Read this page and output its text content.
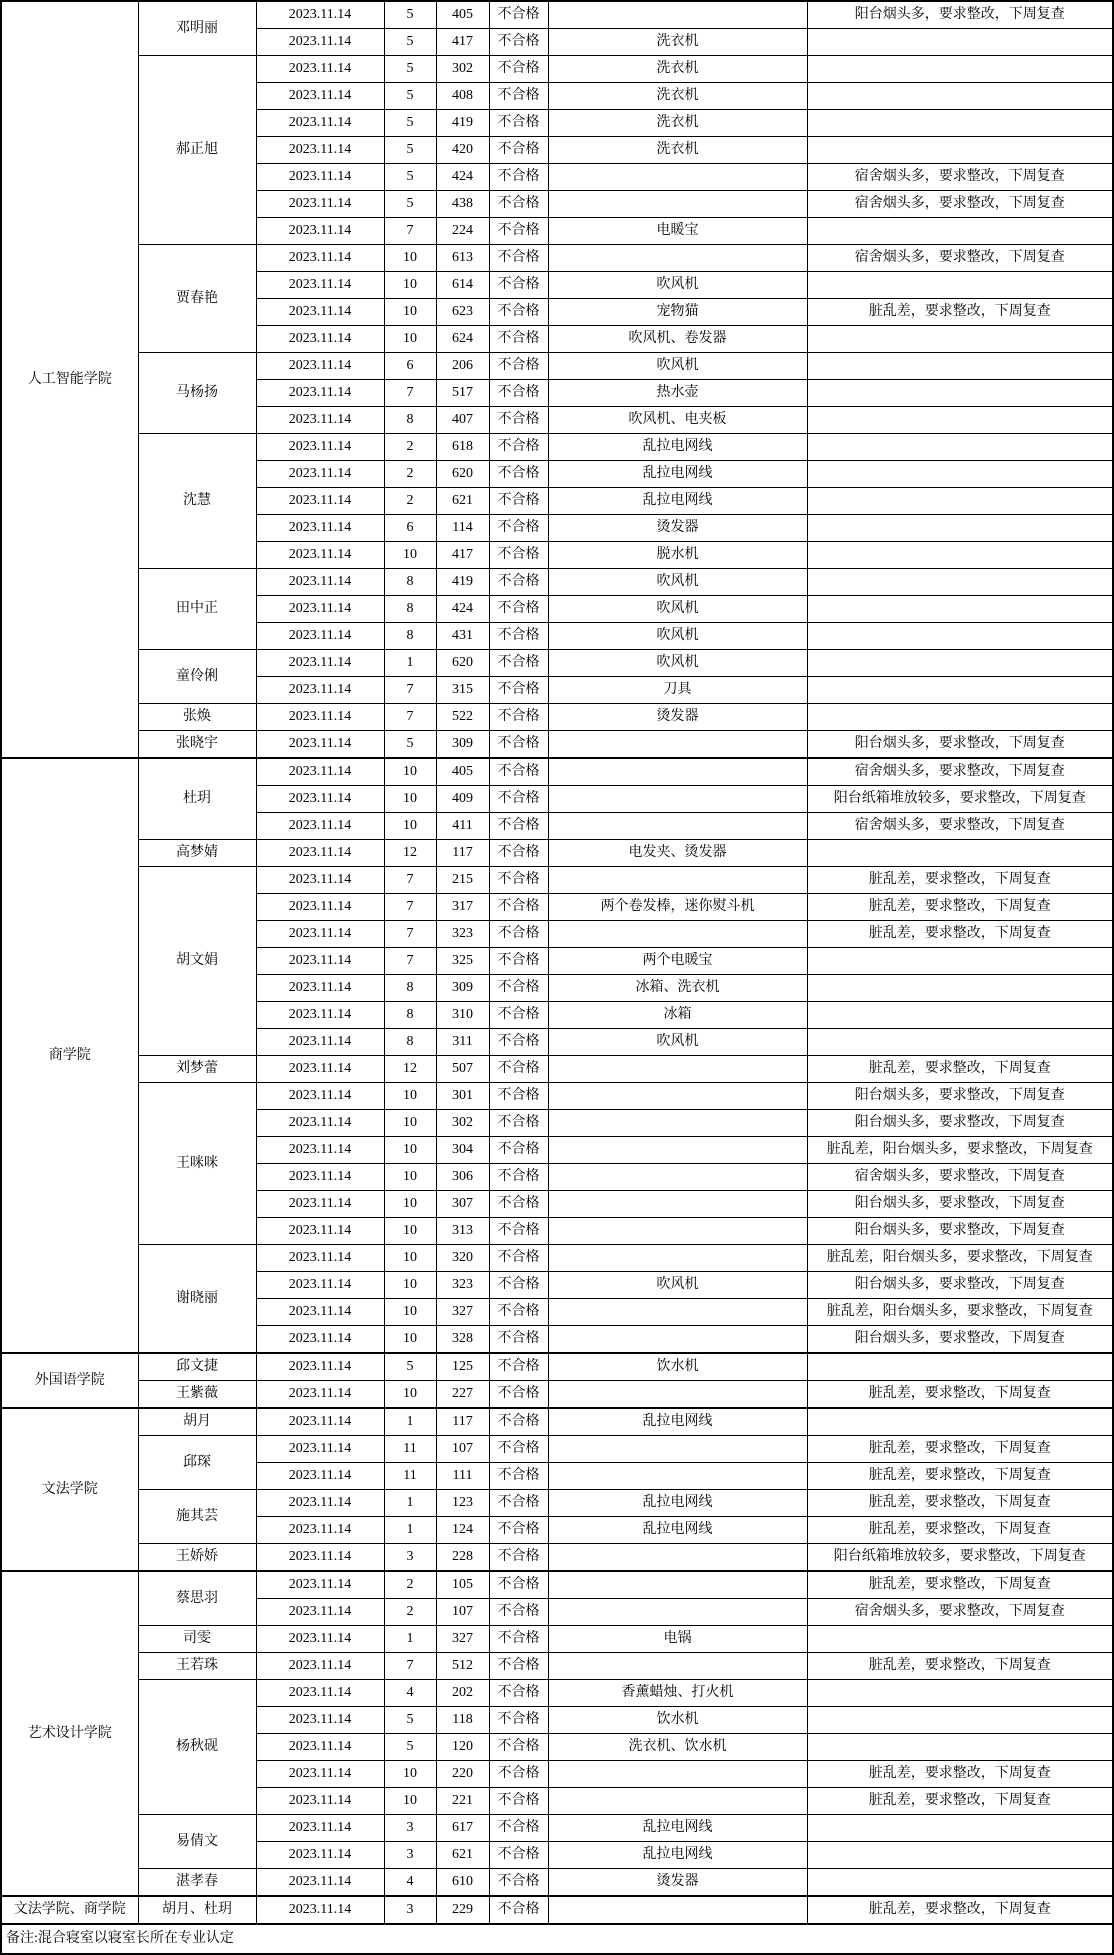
人工智能学院	邓明丽	2023.11.14	5	405	不合格		阳台烟头多，要求整改，下周复查
		2023.11.14	5	417	不合格	洗衣机	
	郝正旭	2023.11.14	5	302	不合格	洗衣机	
		2023.11.14	5	408	不合格	洗衣机	
		2023.11.14	5	419	不合格	洗衣机	
		2023.11.14	5	420	不合格	洗衣机	
		2023.11.14	5	424	不合格		宿舍烟头多，要求整改，下周复查
		2023.11.14	5	438	不合格		宿舍烟头多，要求整改，下周复查
		2023.11.14	7	224	不合格	电暖宝	
	贾春艳	2023.11.14	10	613	不合格		宿舍烟头多，要求整改，下周复查
		2023.11.14	10	614	不合格	吹风机	
		2023.11.14	10	623	不合格	宠物猫	脏乱差，要求整改，下周复查
		2023.11.14	10	624	不合格	吹风机、卷发器	
	马杨扬	2023.11.14	6	206	不合格	吹风机	
		2023.11.14	7	517	不合格	热水壶	
		2023.11.14	8	407	不合格	吹风机、电夹板	
	沈慧	2023.11.14	2	618	不合格	乱拉电网线	
		2023.11.14	2	620	不合格	乱拉电网线	
		2023.11.14	2	621	不合格	乱拉电网线	
		2023.11.14	6	114	不合格	烫发器	
		2023.11.14	10	417	不合格	脱水机	
	田中正	2023.11.14	8	419	不合格	吹风机	
		2023.11.14	8	424	不合格	吹风机	
		2023.11.14	8	431	不合格	吹风机	
	童伶俐	2023.11.14	1	620	不合格	吹风机	
		2023.11.14	7	315	不合格	刀具	
	张焕	2023.11.14	7	522	不合格	烫发器	
	张晓宇	2023.11.14	5	309	不合格		阳台烟头多，要求整改，下周复查
商学院	杜玥	2023.11.14	10	405	不合格		宿舍烟头多，要求整改，下周复查
		2023.11.14	10	409	不合格		阳台纸箱堆放较多，要求整改，下周复查
		2023.11.14	10	411	不合格		宿舍烟头多，要求整改，下周复查
	高梦婧	2023.11.14	12	117	不合格	电发夹、烫发器	
	胡文娟	2023.11.14	7	215	不合格		脏乱差，要求整改，下周复查
		2023.11.14	7	317	不合格	两个卷发棒，迷你熨斗机	脏乱差，要求整改，下周复查
		2023.11.14	7	323	不合格		脏乱差，要求整改，下周复查
		2023.11.14	7	325	不合格	两个电暖宝	
		2023.11.14	8	309	不合格	冰箱、洗衣机	
		2023.11.14	8	310	不合格	冰箱	
		2023.11.14	8	311	不合格	吹风机	
	刘梦蕾	2023.11.14	12	507	不合格		脏乱差，要求整改，下周复查
	王咪咪	2023.11.14	10	301	不合格		阳台烟头多，要求整改，下周复查
		2023.11.14	10	302	不合格		阳台烟头多，要求整改，下周复查
		2023.11.14	10	304	不合格		脏乱差，阳台烟头多，要求整改，下周复查
		2023.11.14	10	306	不合格		宿舍烟头多，要求整改，下周复查
		2023.11.14	10	307	不合格		阳台烟头多，要求整改，下周复查
		2023.11.14	10	313	不合格		阳台烟头多，要求整改，下周复查
	谢晓丽	2023.11.14	10	320	不合格		脏乱差，阳台烟头多，要求整改，下周复查
		2023.11.14	10	323	不合格	吹风机	阳台烟头多，要求整改，下周复查
		2023.11.14	10	327	不合格		脏乱差，阳台烟头多，要求整改，下周复查
		2023.11.14	10	328	不合格		阳台烟头多，要求整改，下周复查
外国语学院	邱文捷	2023.11.14	5	125	不合格	饮水机	
	王紫薇	2023.11.14	10	227	不合格		脏乱差，要求整改，下周复查
文法学院	胡月	2023.11.14	1	117	不合格	乱拉电网线	
	邱琛	2023.11.14	11	107	不合格		脏乱差，要求整改，下周复查
		2023.11.14	11	111	不合格		脏乱差，要求整改，下周复查
	施其芸	2023.11.14	1	123	不合格	乱拉电网线	脏乱差，要求整改，下周复查
		2023.11.14	1	124	不合格	乱拉电网线	脏乱差，要求整改，下周复查
	王娇娇	2023.11.14	3	228	不合格		阳台纸箱堆放较多，要求整改，下周复查
艺术设计学院	蔡思羽	2023.11.14	2	105	不合格		脏乱差，要求整改，下周复查
		2023.11.14	2	107	不合格		宿舍烟头多，要求整改，下周复查
	司雯	2023.11.14	1	327	不合格	电锅	
	王若珠	2023.11.14	7	512	不合格		脏乱差，要求整改，下周复查
	杨秋砚	2023.11.14	4	202	不合格	香薰蜡烛、打火机	
		2023.11.14	5	118	不合格	饮水机	
		2023.11.14	5	120	不合格	洗衣机、饮水机	
		2023.11.14	10	220	不合格		脏乱差，要求整改，下周复查
		2023.11.14	10	221	不合格		脏乱差，要求整改，下周复查
	易倩文	2023.11.14	3	617	不合格	乱拉电网线	
		2023.11.14	3	621	不合格	乱拉电网线	
	湛孝春	2023.11.14	4	610	不合格	烫发器	
文法学院、商学院	胡月、杜玥	2023.11.14	3	229	不合格		脏乱差，要求整改，下周复查
备注:混合寝室以寝室长所在专业认定							
